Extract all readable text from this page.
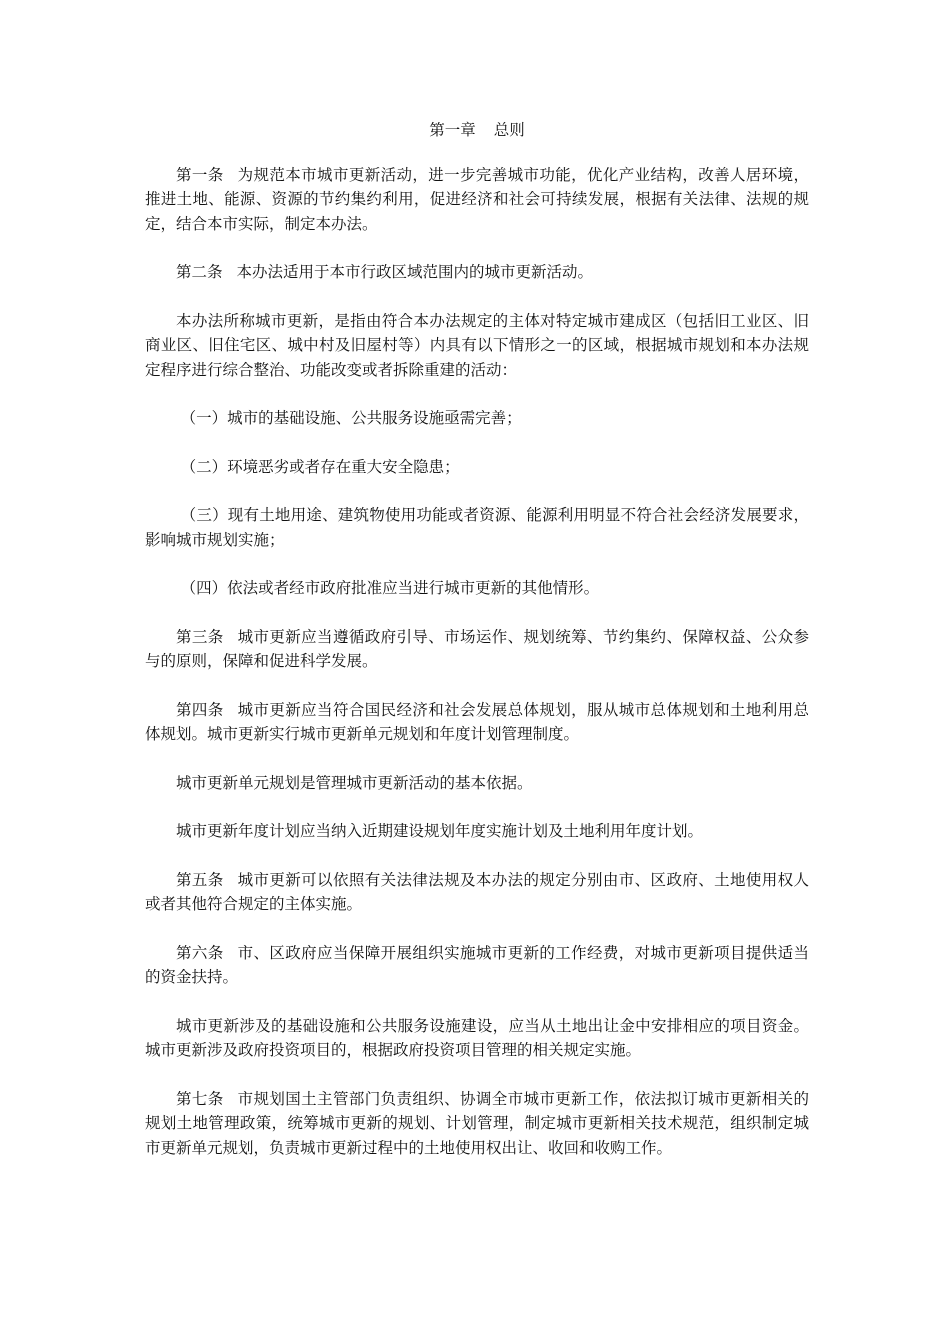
第一章 总则

第一条 为规范本市城市更新活动，进一步完善城市功能，优化产业结构，改善人居环境，推进土地、能源、资源的节约集约利用，促进经济和社会可持续发展，根据有关法律、法规的规定，结合本市实际，制定本办法。

第二条 本办法适用于本市行政区域范围内的城市更新活动。

本办法所称城市更新，是指由符合本办法规定的主体对特定城市建成区（包括旧工业区、旧商业区、旧住宅区、城中村及旧屋村等）内具有以下情形之一的区域，根据城市规划和本办法规定程序进行综合整治、功能改变或者拆除重建的活动：

（一）城市的基础设施、公共服务设施亟需完善；

（二）环境恶劣或者存在重大安全隐患；

（三）现有土地用途、建筑物使用功能或者资源、能源利用明显不符合社会经济发展要求，影响城市规划实施；

（四）依法或者经市政府批准应当进行城市更新的其他情形。

第三条 城市更新应当遵循政府引导、市场运作、规划统筹、节约集约、保障权益、公众参与的原则，保障和促进科学发展。

第四条 城市更新应当符合国民经济和社会发展总体规划，服从城市总体规划和土地利用总体规划。城市更新实行城市更新单元规划和年度计划管理制度。

城市更新单元规划是管理城市更新活动的基本依据。

城市更新年度计划应当纳入近期建设规划年度实施计划及土地利用年度计划。

第五条 城市更新可以依照有关法律法规及本办法的规定分别由市、区政府、土地使用权人或者其他符合规定的主体实施。

第六条 市、区政府应当保障开展组织实施城市更新的工作经费，对城市更新项目提供适当的资金扶持。

城市更新涉及的基础设施和公共服务设施建设，应当从土地出让金中安排相应的项目资金。城市更新涉及政府投资项目的，根据政府投资项目管理的相关规定实施。

第七条 市规划国土主管部门负责组织、协调全市城市更新工作，依法拟订城市更新相关的规划土地管理政策，统筹城市更新的规划、计划管理，制定城市更新相关技术规范，组织制定城市更新单元规划，负责城市更新过程中的土地使用权出让、收回和收购工作。
